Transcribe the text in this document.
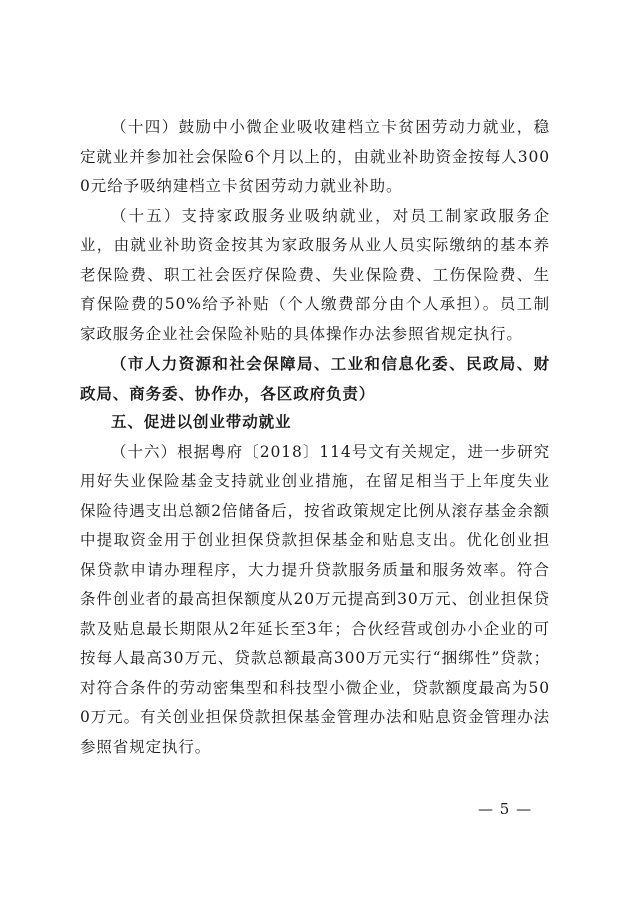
（十四）鼓励中小微企业吸收建档立卡贫困劳动力就业，稳定就业并参加社会保险6个月以上的，由就业补助资金按每人3000元给予吸纳建档立卡贫困劳动力就业补助。

（十五）支持家政服务业吸纳就业，对员工制家政服务企业，由就业补助资金按其为家政服务从业人员实际缴纳的基本养老保险费、职工社会医疗保险费、失业保险费、工伤保险费、生育保险费的50%给予补贴（个人缴费部分由个人承担）。员工制家政服务企业社会保险补贴的具体操作办法参照省规定执行。

（市人力资源和社会保障局、工业和信息化委、民政局、财政局、商务委、协作办，各区政府负责）

五、促进以创业带动就业

（十六）根据粤府〔2018〕114号文有关规定，进一步研究用好失业保险基金支持就业创业措施，在留足相当于上年度失业保险待遇支出总额2倍储备后，按省政策规定比例从滚存基金余额中提取资金用于创业担保贷款担保基金和贴息支出。优化创业担保贷款申请办理程序，大力提升贷款服务质量和服务效率。符合条件创业者的最高担保额度从20万元提高到30万元、创业担保贷款及贴息最长期限从2年延长至3年；合伙经营或创办小企业的可按每人最高30万元、贷款总额最高300万元实行“捆绑性”贷款；对符合条件的劳动密集型和科技型小微企业，贷款额度最高为500万元。有关创业担保贷款担保基金管理办法和贴息资金管理办法参照省规定执行。

— 5 —
